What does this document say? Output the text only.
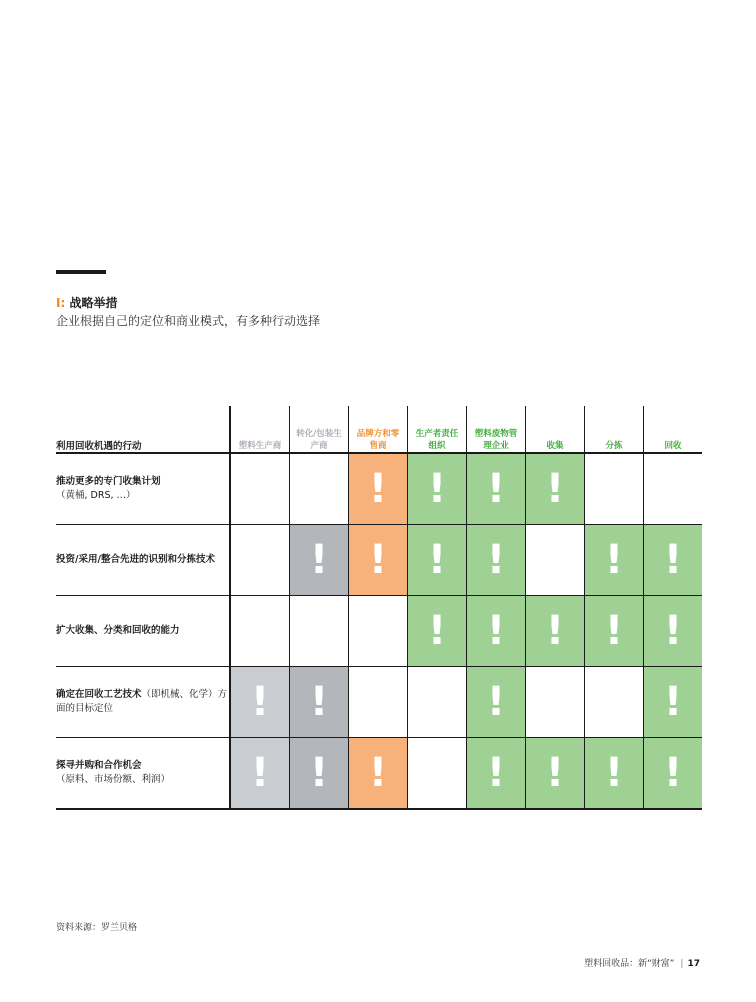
I: 战略举措
企业根据自己的定位和商业模式，有多种行动选择
利用回收机遇的行动	塑料生产商	转化/包装生
产商	品牌方和零
售商	生产者责任
组织	塑料废物管
理企业	收集	分拣	回收

推动更多的专门收集计划
（黄桶, DRS, …）			!	!	!	!		
投资/采用/整合先进的识别和分拣技术		!	!	!	!		!	!
扩大收集、分类和回收的能力				!	!	!	!	!
确定在回收工艺技术（即机械、化学）方面的目标定位	!	!			!			!
探寻并购和合作机会
（原料、市场份额、利润）	!	!	!		!	!	!	!
资料来源：罗兰贝格
塑料回收品：新“财富” | 17
